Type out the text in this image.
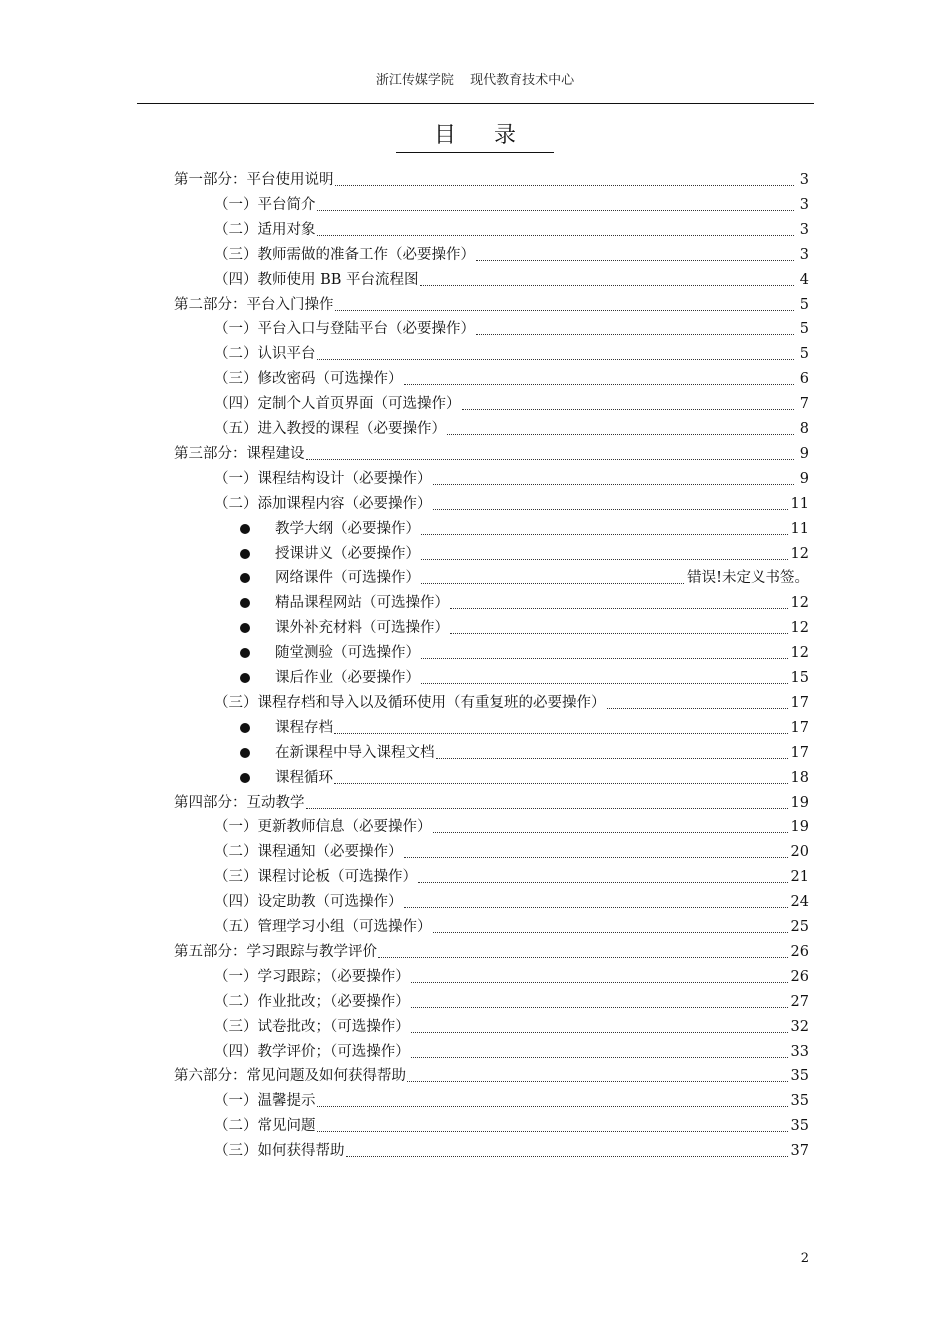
浙江传媒学院 现代教育技术中心
目录
第一部分：平台使用说明	3
（一）平台简介	3
（二）适用对象	3
（三）教师需做的准备工作（必要操作）	3
（四）教师使用 BB 平台流程图	4
第二部分：平台入门操作	5
（一）平台入口与登陆平台（必要操作）	5
（二）认识平台	5
（三）修改密码（可选操作）	6
（四）定制个人首页界面（可选操作）	7
（五）进入教授的课程（必要操作）	8
第三部分：课程建设	9
（一）课程结构设计（必要操作）	9
（二）添加课程内容（必要操作）	11
教学大纲（必要操作）	11
授课讲义（必要操作）	12
网络课件（可选操作）	错误!未定义书签。
精品课程网站（可选操作）	12
课外补充材料（可选操作）	12
随堂测验（可选操作）	12
课后作业（必要操作）	15
（三）课程存档和导入以及循环使用（有重复班的必要操作）	17
课程存档	17
在新课程中导入课程文档	17
课程循环	18
第四部分：互动教学	19
（一）更新教师信息（必要操作）	19
（二）课程通知（必要操作）	20
（三）课程讨论板（可选操作）	21
（四）设定助教（可选操作）	24
（五）管理学习小组（可选操作）	25
第五部分：学习跟踪与教学评价	26
（一）学习跟踪；（必要操作）	26
（二）作业批改；（必要操作）	27
（三）试卷批改；（可选操作）	32
（四）教学评价；（可选操作）	33
第六部分：常见问题及如何获得帮助	35
（一）温馨提示	35
（二）常见问题	35
（三）如何获得帮助	37
2
